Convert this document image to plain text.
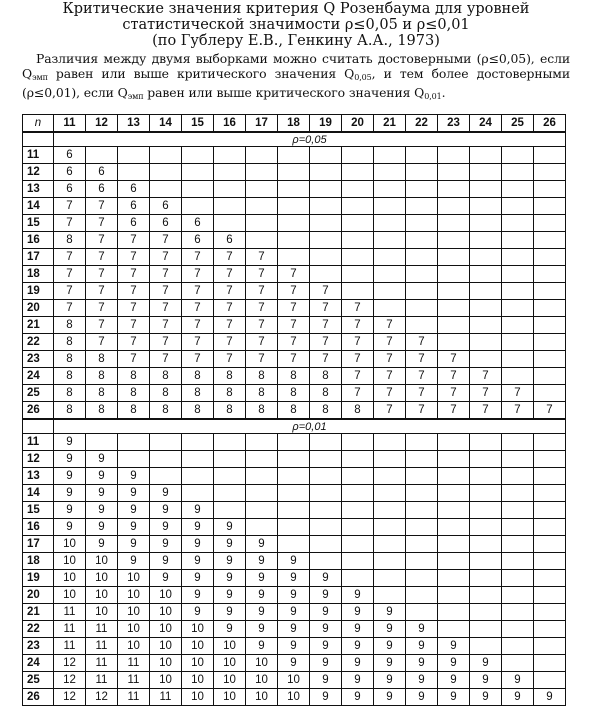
Критические значения критерия Q Розенбаума для уровней

статистической значимости ρ≤0,05 и ρ≤0,01

(по Гублеру Е.В., Генкину А.А., 1973)

Различия между двумя выборками можно считать достоверными (ρ≤0,05), если $Q_{эмп}$ равен или выше критического значения $Q_{0,05}$, и тем более достоверными (ρ≤0,01), если $Q_{эмп}$ равен или выше критического значения $Q_{0,01}$.

n	11	12	13	14	15	16	17	18	19	20	21	22	23	24	25	26
	ρ=0,05															
11	6															
12	6	6														
13	6	6	6													
14	7	7	6	6												
15	7	7	6	6	6											
16	8	7	7	7	6	6										
17	7	7	7	7	7	7	7									
18	7	7	7	7	7	7	7	7								
19	7	7	7	7	7	7	7	7	7							
20	7	7	7	7	7	7	7	7	7	7						
21	8	7	7	7	7	7	7	7	7	7	7					
22	8	7	7	7	7	7	7	7	7	7	7	7				
23	8	8	7	7	7	7	7	7	7	7	7	7	7			
24	8	8	8	8	8	8	8	8	8	7	7	7	7	7		
25	8	8	8	8	8	8	8	8	8	7	7	7	7	7	7	
26	8	8	8	8	8	8	8	8	8	8	7	7	7	7	7	7
	ρ=0,01															
11	9															
12	9	9														
13	9	9	9													
14	9	9	9	9												
15	9	9	9	9	9											
16	9	9	9	9	9	9										
17	10	9	9	9	9	9	9									
18	10	10	9	9	9	9	9	9								
19	10	10	10	9	9	9	9	9	9							
20	10	10	10	10	9	9	9	9	9	9						
21	11	10	10	10	9	9	9	9	9	9	9					
22	11	11	10	10	10	9	9	9	9	9	9	9				
23	11	11	10	10	10	10	9	9	9	9	9	9	9			
24	12	11	11	10	10	10	10	9	9	9	9	9	9	9		
25	12	11	11	10	10	10	10	10	9	9	9	9	9	9	9	
26	12	12	11	11	10	10	10	10	9	9	9	9	9	9	9	9
